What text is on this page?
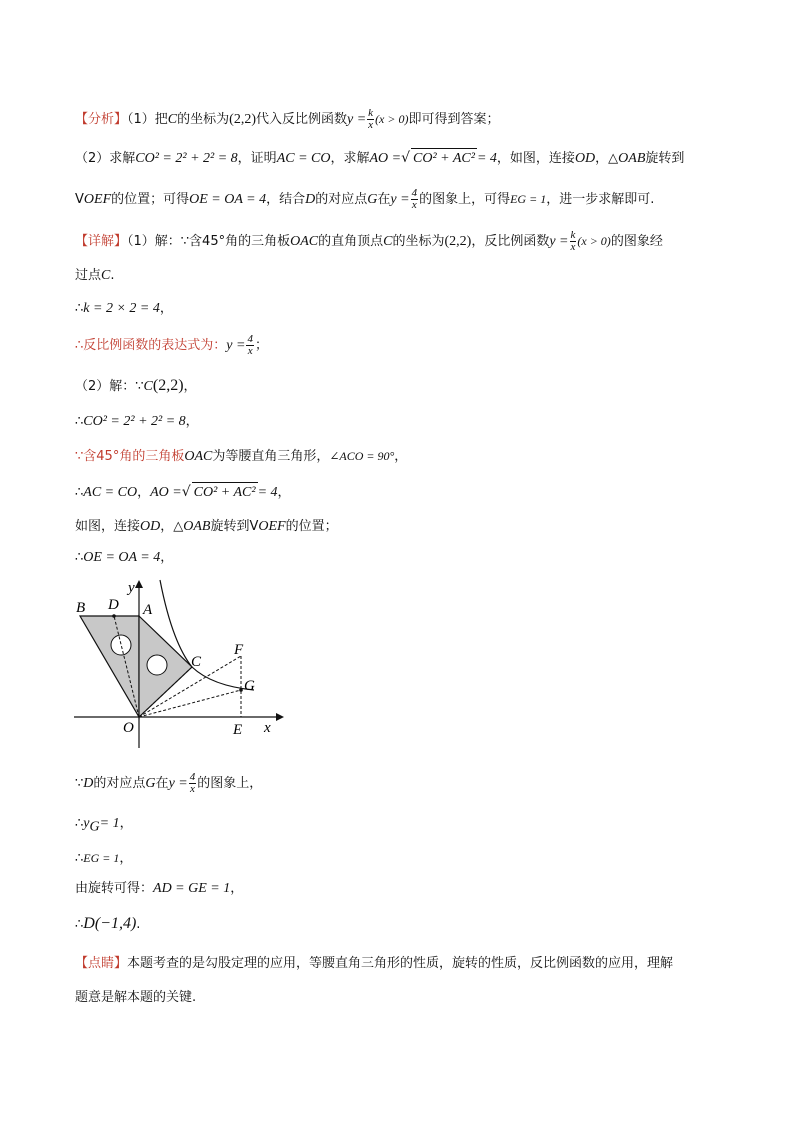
【分析】（1）把C的坐标为(2,2)代入反比例函数$y = \frac{k}{x} (x > 0)$即可得到答案；
（2）求解CO² = 2² + 2² = 8，证明AC = CO，求解AO =√ CO² + AC² = 4，如图，连接OD，△OAB旋转到
VOEF的位置；可得OE = OA = 4，结合D的对应点G在$y = \frac{4}{x}$ 的图象上，可得EG = 1，进一步求解即可.
【详解】（1）解：∵含45°角的三角板OAC的直角顶点C的坐标为(2,2)，反比例函数$y = \frac{k}{x} (x > 0)$的图象经
过点C.
∴k = 2 × 2 = 4，
∴反比例函数的表达式为：$y = \frac{4}{x}$ ；
（2）解：∵C(2,2)，
∴CO² = 2² + 2² = 8，
∵含45°角的三角板OAC为等腰直角三角形，∠ACO = 90°，
∴AC = CO，AO =√ CO² + AC² = 4，
如图，连接OD，△OAB旋转到VOEF的位置；
∴OE = OA = 4，
y
x
O
A
B
C
D
E
F
G
∵D的对应点G在$y = \frac{4}{x}$ 的图象上，
$\therefore y_G= 1$，
∴EG = 1，
由旋转可得：AD = GE = 1，
∴D(−1,4).
【点睛】本题考查的是勾股定理的应用，等腰直角三角形的性质，旋转的性质，反比例函数的应用，理解
题意是解本题的关键.
